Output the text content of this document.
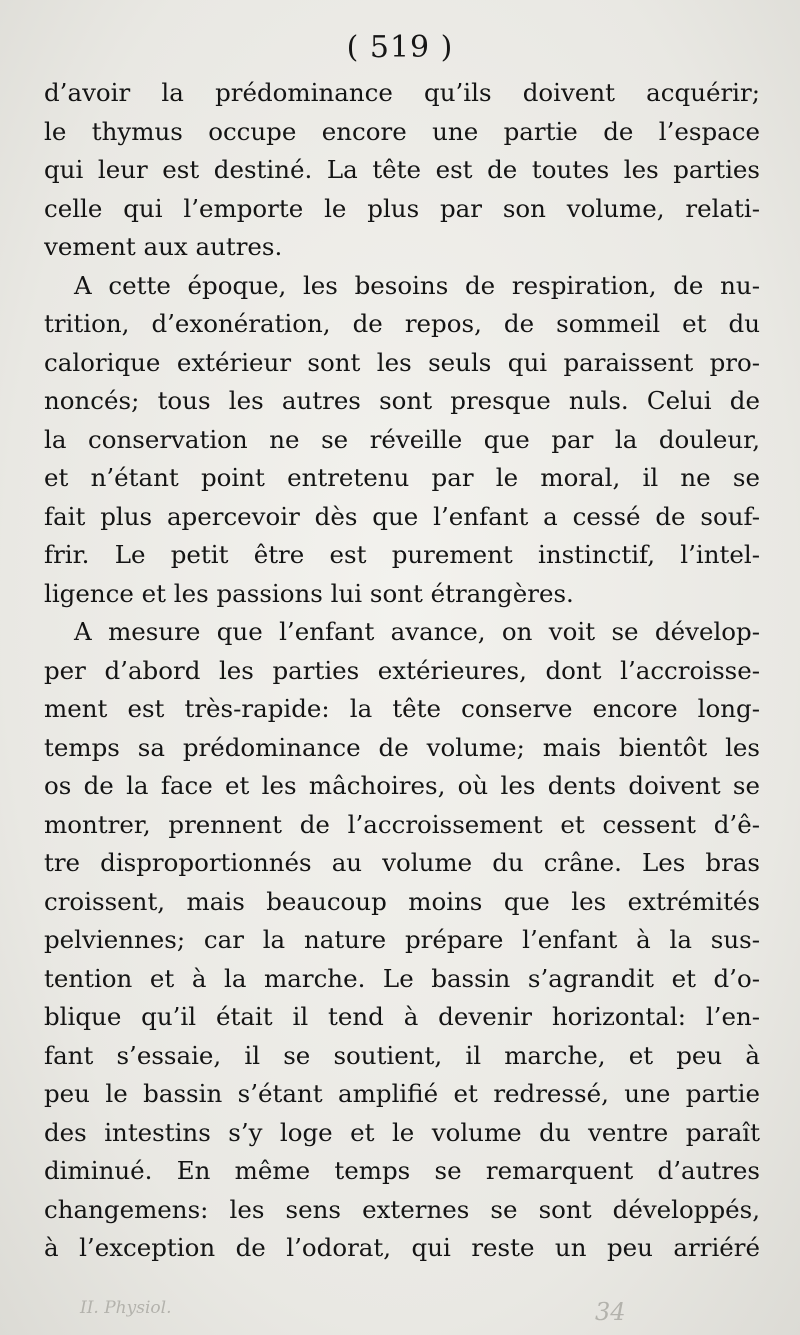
( 519 )
d’avoir la prédominance qu’ils doivent acquérir;
le thymus occupe encore une partie de l’espace
qui leur est destiné. La tête est de toutes les parties
celle qui l’emporte le plus par son volume, relati-
vement aux autres.
A cette époque, les besoins de respiration, de nu-
trition, d’exonération, de repos, de sommeil et du
calorique extérieur sont les seuls qui paraissent pro-
noncés; tous les autres sont presque nuls. Celui de
la conservation ne se réveille que par la douleur,
et n’étant point entretenu par le moral, il ne se
fait plus apercevoir dès que l’enfant a cessé de souf-
frir. Le petit être est purement instinctif, l’intel-
ligence et les passions lui sont étrangères.
A mesure que l’enfant avance, on voit se dévelop-
per d’abord les parties extérieures, dont l’accroisse-
ment est très-rapide: la tête conserve encore long-
temps sa prédominance de volume; mais bientôt les
os de la face et les mâchoires, où les dents doivent se
montrer, prennent de l’accroissement et cessent d’ê-
tre disproportionnés au volume du crâne. Les bras
croissent, mais beaucoup moins que les extrémités
pelviennes; car la nature prépare l’enfant à la sus-
tention et à la marche. Le bassin s’agrandit et d’o-
blique qu’il était il tend à devenir horizontal: l’en-
fant s’essaie, il se soutient, il marche, et peu à
peu le bassin s’étant amplifié et redressé, une partie
des intestins s’y loge et le volume du ventre paraît
diminué. En même temps se remarquent d’autres
changemens: les sens externes se sont développés,
à l’exception de l’odorat, qui reste un peu arriéré
II. Physiol.	34
